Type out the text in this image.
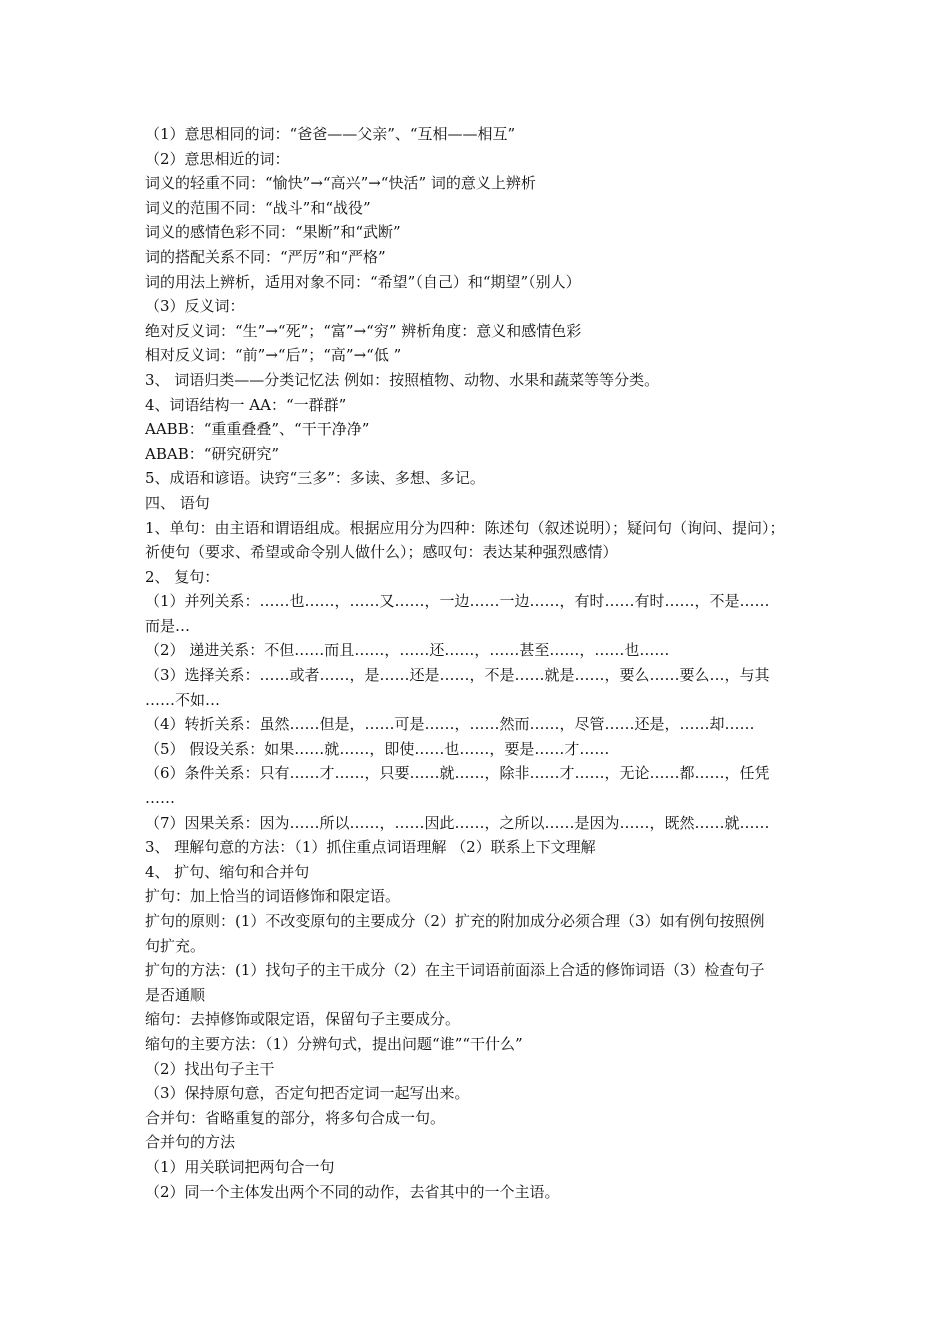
（1）意思相同的词：“爸爸——父亲”、“互相——相互”

（2）意思相近的词：

词义的轻重不同：“愉快”→“高兴”→“快活” 词的意义上辨析

词义的范围不同：“战斗”和“战役”

词义的感情色彩不同：“果断”和“武断”

词的搭配关系不同：“严厉”和“严格”

词的用法上辨析，适用对象不同：“希望”（自己）和“期望”（别人）

（3）反义词：

绝对反义词：“生”→“死”；“富”→“穷” 辨析角度：意义和感情色彩

相对反义词：“前”→“后”；“高”→“低 ”

3、 词语归类——分类记忆法 例如：按照植物、动物、水果和蔬菜等等分类。

4、词语结构一 AA：“一群群”

AABB：“重重叠叠”、“干干净净”

ABAB：“研究研究”

5、成语和谚语。诀窍“三多”：多读、多想、多记。

四、 语句

1、单句：由主语和谓语组成。根据应用分为四种：陈述句（叙述说明）；疑问句（询问、提问）；

祈使句（要求、希望或命令别人做什么）；感叹句：表达某种强烈感情）

2、 复句：

（1）并列关系：……也……，……又……，一边……一边……，有时……有时……，不是……

而是…

（2） 递进关系：不但……而且……，……还……，……甚至……，……也……

（3）选择关系：……或者……，是……还是……，不是……就是……，要么……要么…，与其

……不如…

（4）转折关系：虽然……但是，……可是……，……然而……，尽管……还是，……却……

（5） 假设关系：如果……就……，即使……也……，要是……才……

（6）条件关系：只有……才……，只要……就……，除非……才……，无论……都……，任凭

……

（7）因果关系：因为……所以……，……因此……，之所以……是因为……，既然……就……

3、 理解句意的方法：（1）抓住重点词语理解 （2）联系上下文理解

4、 扩句、缩句和合并句

扩句：加上恰当的词语修饰和限定语。

扩句的原则：(1）不改变原句的主要成分（2）扩充的附加成分必须合理（3）如有例句按照例

句扩充。

扩句的方法：(1）找句子的主干成分（2）在主干词语前面添上合适的修饰词语（3）检查句子

是否通顺

缩句：去掉修饰或限定语，保留句子主要成分。

缩句的主要方法：（1）分辨句式，提出问题“谁”“干什么”

（2）找出句子主干

（3）保持原句意，否定句把否定词一起写出来。

合并句：省略重复的部分，将多句合成一句。

合并句的方法

（1）用关联词把两句合一句

（2）同一个主体发出两个不同的动作，去省其中的一个主语。
